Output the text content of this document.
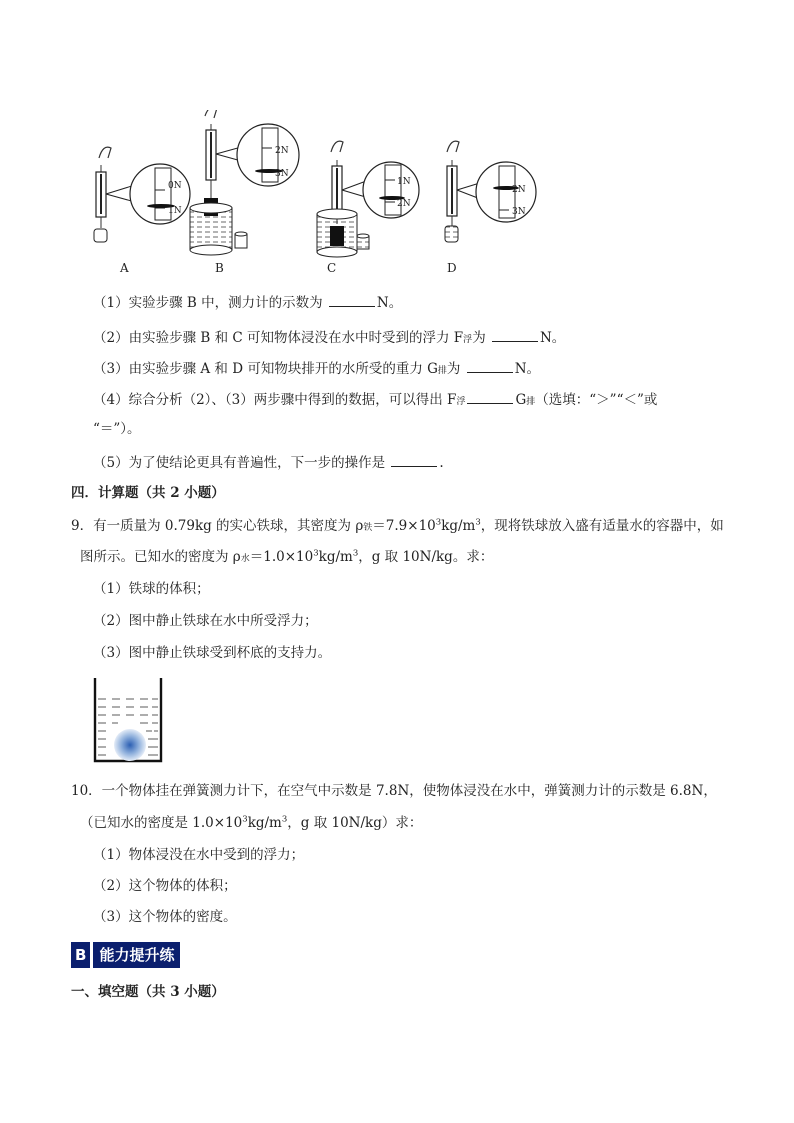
0N
1N
A
2N
3N
B
1N
2N
C
2N
3N
D
（1）实验步骤 B 中，测力计的示数为	N。
（2）由实验步骤 B 和 C 可知物体浸没在水中时受到的浮力 F浮为	N。
（3）由实验步骤 A 和 D 可知物块排开的水所受的重力 G排为	N。
（4）综合分析（2）、（3）两步骤中得到的数据，可以得出 F浮	G排（选填：“＞”“＜”或
“＝”）。
（5）为了使结论更具有普遍性，下一步的操作是	.
四．计算题（共 2 小题）
9．有一质量为 0.79kg 的实心铁球，其密度为 ρ铁$=7.9\times 10^3kg/m^3$，现将铁球放入盛有适量水的容器中，如
图所示。已知水的密度为 ρ水$=1.0\times 10^3kg/m^3$，g 取 10N/kg。求：
（1）铁球的体积；
（2）图中静止铁球在水中所受浮力；
（3）图中静止铁球受到杯底的支持力。
10．一个物体挂在弹簧测力计下，在空气中示数是 7.8N，使物体浸没在水中，弹簧测力计的示数是 6.8N，
（已知水的密度是 $1.0\times 10^3kg/m^3$，g 取 10N/kg）求：
（1）物体浸没在水中受到的浮力；
（2）这个物体的体积；
（3）这个物体的密度。
B 能力提升练
一、填空题（共 3 小题）
